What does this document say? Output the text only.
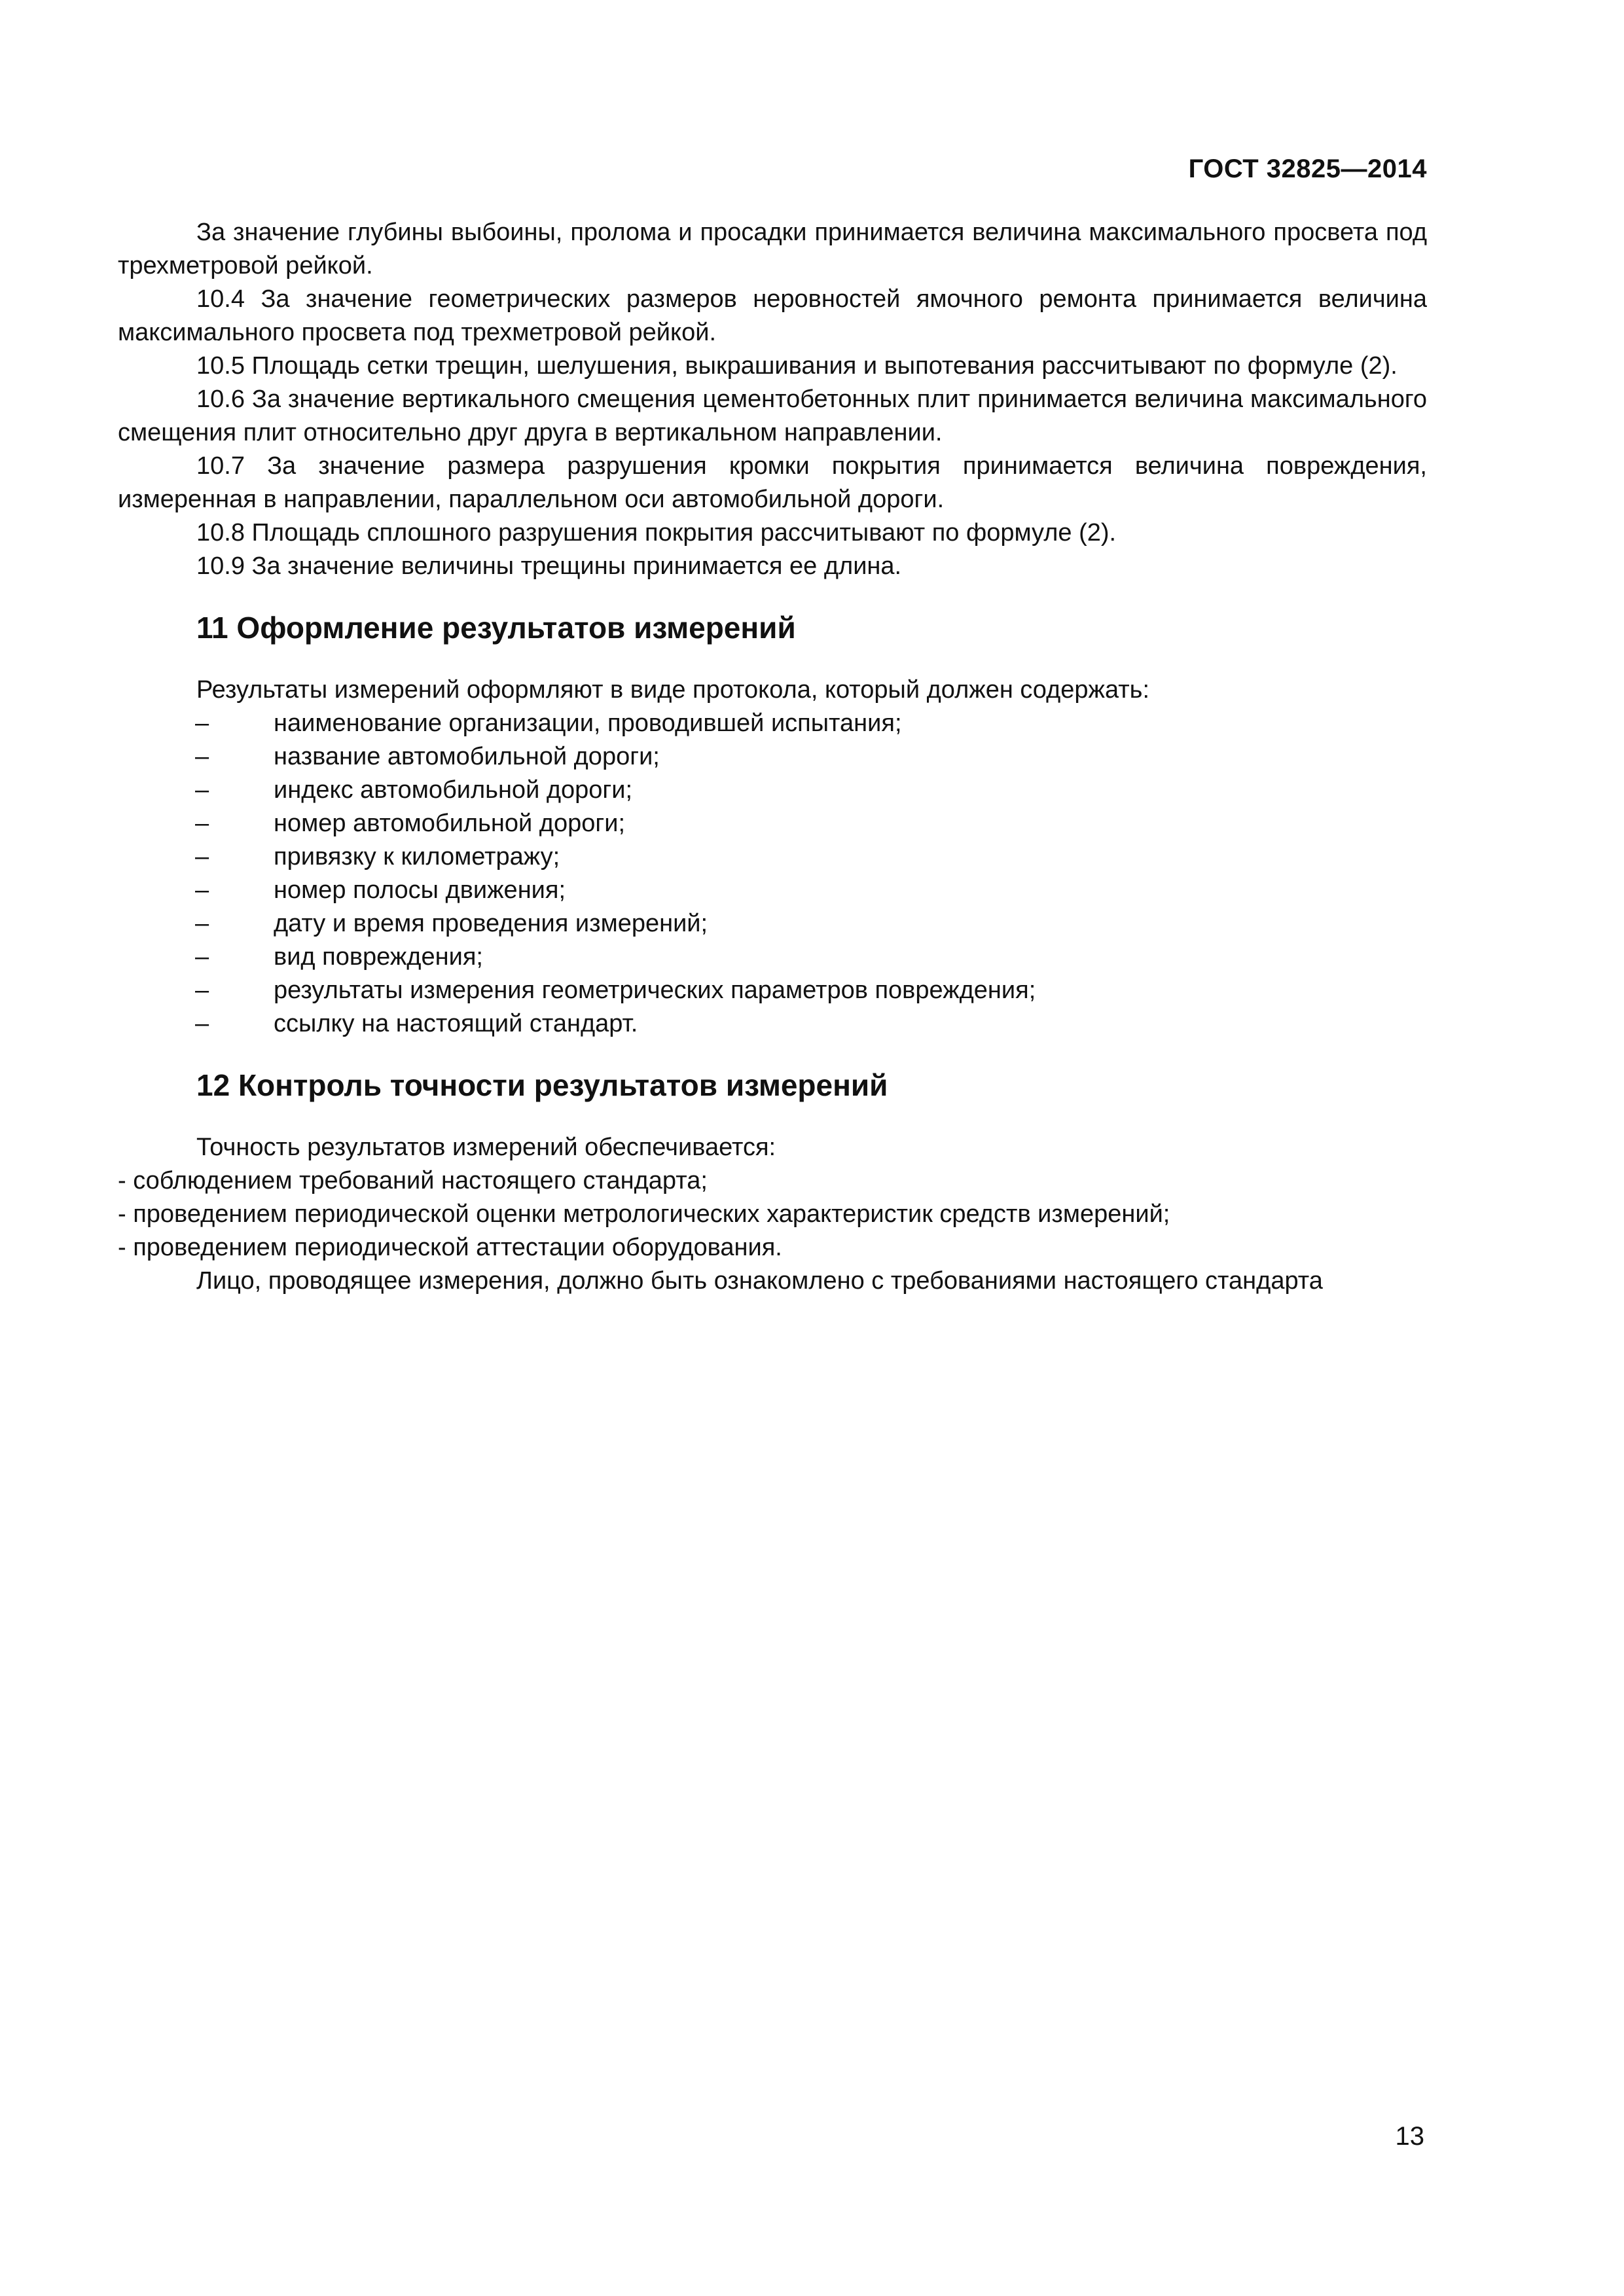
ГОСТ 32825—2014

За значение глубины выбоины, пролома и просадки принимается величина максимального просвета под трехметровой рейкой.

10.4 За значение геометрических размеров неровностей ямочного ремонта принимается величина максимального просвета под трехметровой рейкой.

10.5 Площадь сетки трещин, шелушения, выкрашивания и выпотевания рассчитывают по формуле (2).

10.6 За значение вертикального смещения цементобетонных плит принимается величина максимального смещения плит относительно друг друга в вертикальном направлении.

10.7 За значение размера разрушения кромки покрытия принимается величина повреждения, измеренная в направлении, параллельном оси автомобильной дороги.

10.8 Площадь сплошного разрушения покрытия рассчитывают по формуле (2).

10.9 За значение величины трещины принимается ее длина.

11 Оформление результатов измерений

Результаты измерений оформляют в виде протокола, который должен содержать:

–	наименование организации, проводившей испытания;
–	название автомобильной дороги;
–	индекс автомобильной дороги;
–	номер автомобильной дороги;
–	привязку к километражу;
–	номер полосы движения;
–	дату и время проведения измерений;
–	вид повреждения;
–	результаты измерения геометрических параметров повреждения;
–	ссылку на настоящий стандарт.
12 Контроль точности результатов измерений

Точность результатов измерений обеспечивается:

- соблюдением требований настоящего стандарта;

- проведением периодической оценки метрологических характеристик средств измерений;

- проведением периодической аттестации оборудования.

Лицо, проводящее измерения, должно быть ознакомлено с требованиями настоящего стандарта

13
